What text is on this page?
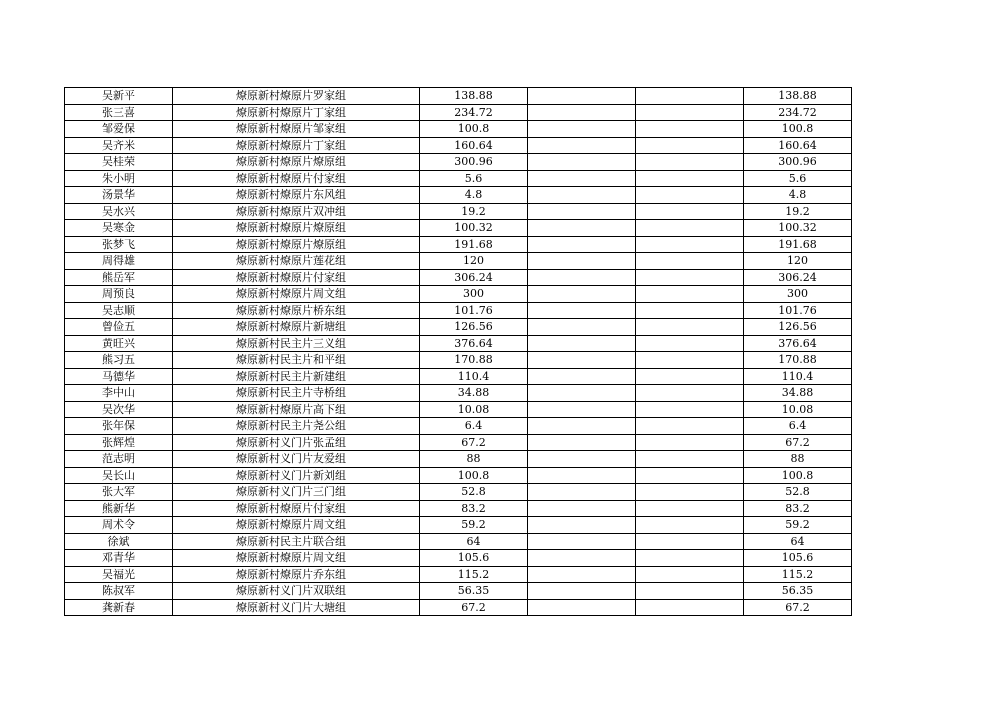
吴新平	燎原新村燎原片罗家组	138.88			138.88
张三喜	燎原新村燎原片丁家组	234.72			234.72
邹爱保	燎原新村燎原片邹家组	100.8			100.8
吴齐米	燎原新村燎原片丁家组	160.64			160.64
吴桂荣	燎原新村燎原片燎原组	300.96			300.96
朱小明	燎原新村燎原片付家组	5.6			5.6
汤景华	燎原新村燎原片东风组	4.8			4.8
吴水兴	燎原新村燎原片双冲组	19.2			19.2
吴寒金	燎原新村燎原片燎原组	100.32			100.32
张梦飞	燎原新村燎原片燎原组	191.68			191.68
周得雄	燎原新村燎原片莲花组	120			120
熊岳军	燎原新村燎原片付家组	306.24			306.24
周预良	燎原新村燎原片周文组	300			300
吴志顺	燎原新村燎原片桥东组	101.76			101.76
曾俭五	燎原新村燎原片新塘组	126.56			126.56
黄旺兴	燎原新村民主片三义组	376.64			376.64
熊习五	燎原新村民主片和平组	170.88			170.88
马德华	燎原新村民主片新建组	110.4			110.4
李中山	燎原新村民主片寺桥组	34.88			34.88
吴次华	燎原新村燎原片高下组	10.08			10.08
张年保	燎原新村民主片尧公组	6.4			6.4
张辉煌	燎原新村义门片张孟组	67.2			67.2
范志明	燎原新村义门片友爱组	88			88
吴长山	燎原新村义门片新刘组	100.8			100.8
张大军	燎原新村义门片三门组	52.8			52.8
熊新华	燎原新村燎原片付家组	83.2			83.2
周术令	燎原新村燎原片周文组	59.2			59.2
徐斌	燎原新村民主片联合组	64			64
邓青华	燎原新村燎原片周文组	105.6			105.6
吴福光	燎原新村燎原片乔东组	115.2			115.2
陈叔军	燎原新村义门片双联组	56.35			56.35
龚新春	燎原新村义门片大塘组	67.2			67.2
